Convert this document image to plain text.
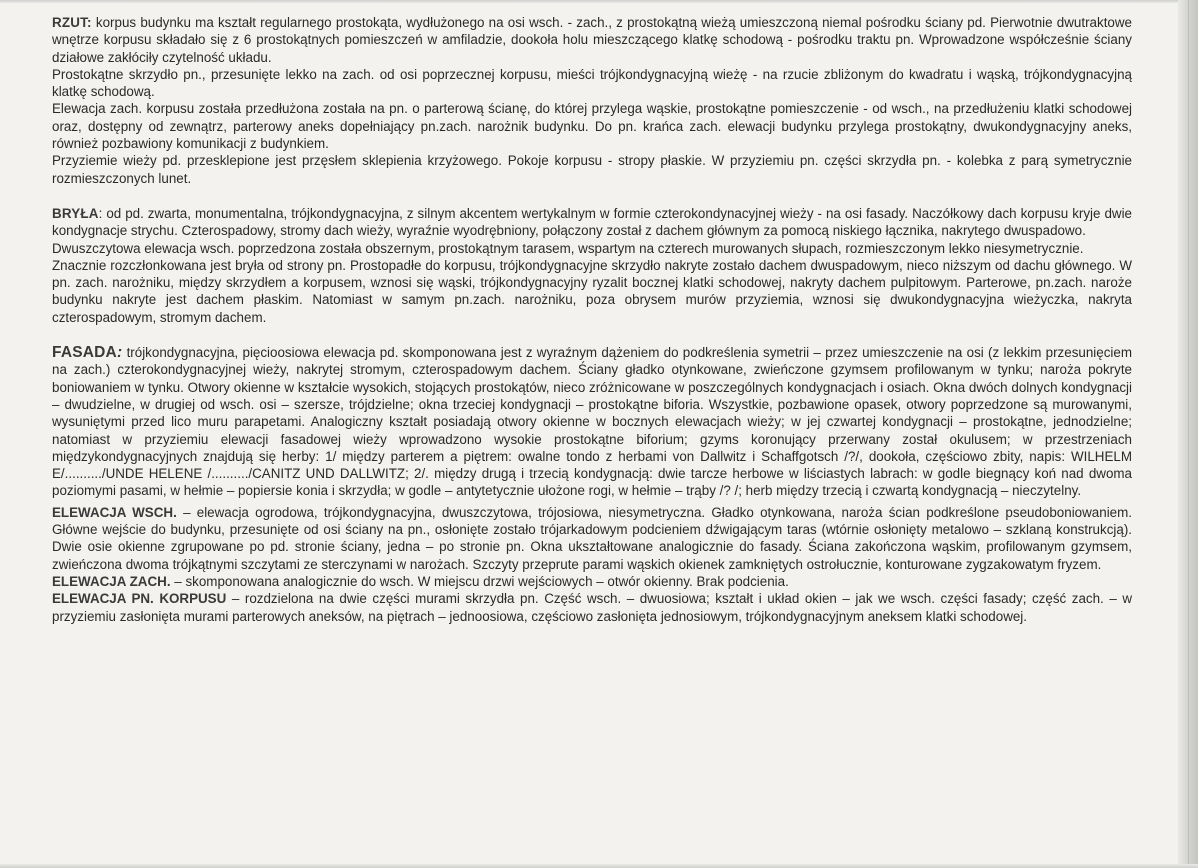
RZUT: korpus budynku ma kształt regularnego prostokąta, wydłużonego na osi wsch. - zach., z prostokątną wieżą umieszczoną niemal pośrodku ściany pd. Pierwotnie dwutraktowe wnętrze korpusu składało się z 6 prostokątnych pomieszczeń w amfiladzie, dookoła holu mieszczącego klatkę schodową - pośrodku traktu pn. Wprowadzone współcześnie ściany działowe zakłóciły czytelność układu.

Prostokątne skrzydło pn., przesunięte lekko na zach. od osi poprzecznej korpusu, mieści trójkondygnacyjną wieżę - na rzucie zbliżonym do kwadratu i wąską, trójkondygnacyjną klatkę schodową.

Elewacja zach. korpusu została przedłużona została na pn. o parterową ścianę, do której przylega wąskie, prostokątne pomieszczenie - od wsch., na przedłużeniu klatki schodowej oraz, dostępny od zewnątrz, parterowy aneks dopełniający pn.zach. narożnik budynku. Do pn. krańca zach. elewacji budynku przylega prostokątny, dwukondygnacyjny aneks, również pozbawiony komunikacji z budynkiem.

Przyziemie wieży pd. przesklepione jest przęsłem sklepienia krzyżowego. Pokoje korpusu - stropy płaskie. W przyziemiu pn. części skrzydła pn. - kolebka z parą symetrycznie rozmieszczonych lunet.

BRYŁA: od pd. zwarta, monumentalna, trójkondygnacyjna, z silnym akcentem wertykalnym w formie czterokondynacyjnej wieży - na osi fasady. Naczółkowy dach korpusu kryje dwie kondygnacje strychu. Czterospadowy, stromy dach wieży, wyraźnie wyodrębniony, połączony został z dachem głównym za pomocą niskiego łącznika, nakrytego dwuspadowo.

Dwuszczytowa elewacja wsch. poprzedzona została obszernym, prostokątnym tarasem, wspartym na czterech murowanych słupach, rozmieszczonym lekko niesymetrycznie.

Znacznie rozczłonkowana jest bryła od strony pn. Prostopadłe do korpusu, trójkondygnacyjne skrzydło nakryte zostało dachem dwuspadowym, nieco niższym od dachu głównego. W pn. zach. narożniku, między skrzydłem a korpusem, wznosi się wąski, trójkondygnacyjny ryzalit bocznej klatki schodowej, nakryty dachem pulpitowym. Parterowe, pn.zach. naroże budynku nakryte jest dachem płaskim. Natomiast w samym pn.zach. narożniku, poza obrysem murów przyziemia, wznosi się dwukondygnacyjna wieżyczka, nakryta czterospadowym, stromym dachem.

FASADA: trójkondygnacyjna, pięcioosiowa elewacja pd. skomponowana jest z wyraźnym dążeniem do podkreślenia symetrii – przez umieszczenie na osi (z lekkim przesunięciem na zach.) czterokondygnacyjnej wieży, nakrytej stromym, czterospadowym dachem. Ściany gładko otynkowane, zwieńczone gzymsem profilowanym w tynku; naroża pokryte boniowaniem w tynku. Otwory okienne w kształcie wysokich, stojących prostokątów, nieco zróżnicowane w poszczególnych kondygnacjach i osiach. Okna dwóch dolnych kondygnacji – dwudzielne, w drugiej od wsch. osi – szersze, trójdzielne; okna trzeciej kondygnacji – prostokątne biforia. Wszystkie, pozbawione opasek, otwory poprzedzone są murowanymi, wysuniętymi przed lico muru parapetami. Analogiczny kształt posiadają otwory okienne w bocznych elewacjach wieży; w jej czwartej kondygnacji – prostokątne, jednodzielne; natomiast w przyziemiu elewacji fasadowej wieży wprowadzono wysokie prostokątne biforium; gzyms koronujący przerwany został okulusem; w przestrzeniach międzykondygnacyjnych znajdują się herby: 1/ między parterem a piętrem: owalne tondo z herbami von Dallwitz i Schaffgotsch /?/, dookoła, częściowo zbity, napis: WILHELM E/........../UNDE HELENE /........../CANITZ UND DALLWITZ; 2/. między drugą i trzecią kondygnacją: dwie tarcze herbowe w liściastych labrach: w godle biegnący koń nad dwoma poziomymi pasami, w hełmie – popiersie konia i skrzydła; w godle – antytetycznie ułożone rogi, w hełmie – trąby /? /; herb między trzecią i czwartą kondygnacją – nieczytelny.

ELEWACJA WSCH. – elewacja ogrodowa, trójkondygnacyjna, dwuszczytowa, trójosiowa, niesymetryczna. Gładko otynkowana, naroża ścian podkreślone pseudoboniowaniem. Główne wejście do budynku, przesunięte od osi ściany na pn., osłonięte zostało trójarkadowym podcieniem dźwigającym taras (wtórnie osłonięty metalowo – szklaną konstrukcją). Dwie osie okienne zgrupowane po pd. stronie ściany, jedna – po stronie pn. Okna ukształtowane analogicznie do fasady. Ściana zakończona wąskim, profilowanym gzymsem, zwieńczona dwoma trójkątnymi szczytami ze sterczynami w narożach. Szczyty przeprute parami wąskich okienek zamkniętych ostrołucznie, konturowane zygzakowatym fryzem.

ELEWACJA ZACH. – skomponowana analogicznie do wsch. W miejscu drzwi wejściowych – otwór okienny. Brak podcienia.

ELEWACJA PN. KORPUSU – rozdzielona na dwie części murami skrzydła pn. Część wsch. – dwuosiowa; kształt i układ okien – jak we wsch. części fasady; część zach. – w przyziemiu zasłonięta murami parterowych aneksów, na piętrach – jednoosiowa, częściowo zasłonięta jednosiowym, trójkondygnacyjnym aneksem klatki schodowej.
